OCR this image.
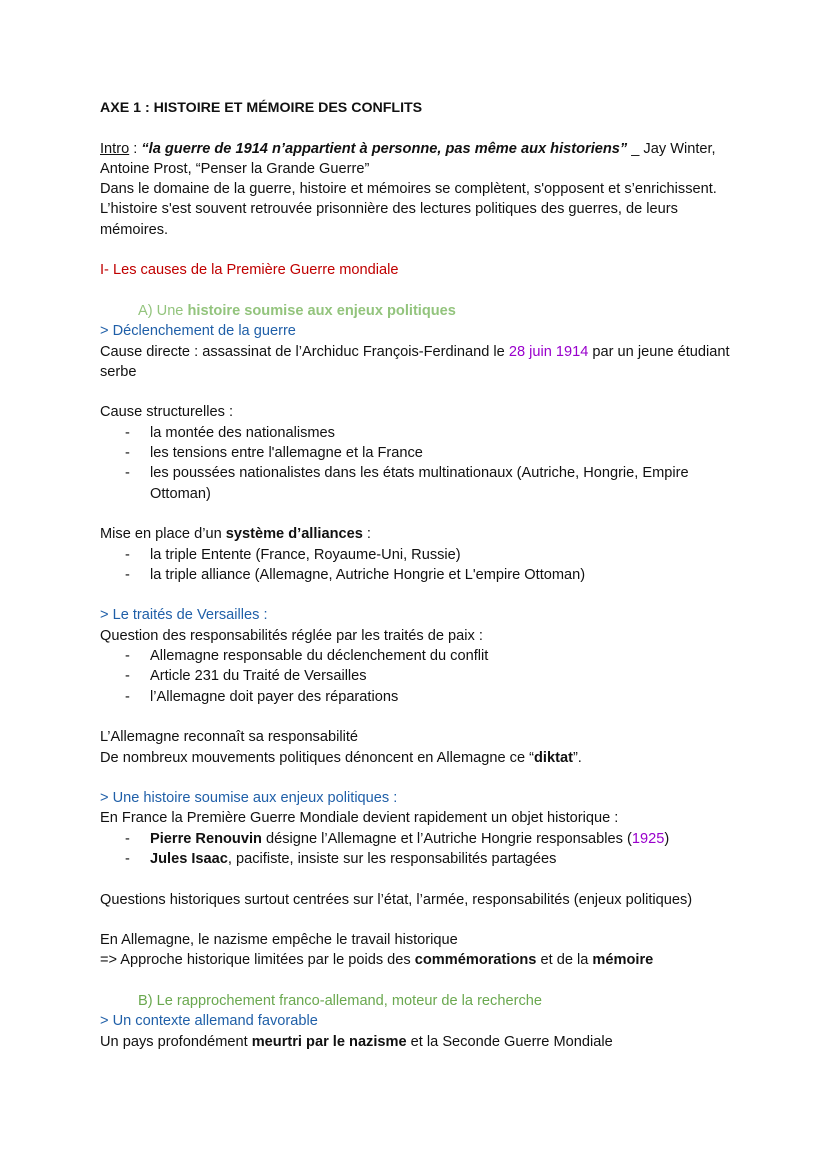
AXE 1 : HISTOIRE ET MÉMOIRE DES CONFLITS

Intro : “la guerre de 1914 n’appartient à personne, pas même aux historiens” _ Jay Winter, Antoine Prost, “Penser la Grande Guerre”

Dans le domaine de la guerre, histoire et mémoires se complètent, s'opposent et s’enrichissent.

L’histoire s'est souvent retrouvée prisonnière des lectures politiques des guerres, de leurs mémoires.

I- Les causes de la Première Guerre mondiale

A) Une histoire soumise aux enjeux politiques

> Déclenchement de la guerre

Cause directe : assassinat de l’Archiduc François-Ferdinand le 28 juin 1914 par un jeune étudiant serbe

Cause structurelles :

- la montée des nationalismes
- les tensions entre l'allemagne et la France
- les poussées nationalistes dans les états multinationaux (Autriche, Hongrie, Empire Ottoman)

Mise en place d’un système d’alliances :

- la triple Entente (France, Royaume-Uni, Russie)
- la triple alliance (Allemagne, Autriche Hongrie et L'empire Ottoman)

> Le traités de Versailles :

Question des responsabilités réglée par les traités de paix :

- Allemagne responsable du déclenchement du conflit
- Article 231 du Traité de Versailles
- l’Allemagne doit payer des réparations

L’Allemagne reconnaît sa responsabilité

De nombreux mouvements politiques dénoncent en Allemagne ce “diktat”.

> Une histoire soumise aux enjeux politiques :

En France la Première Guerre Mondiale devient rapidement un objet historique :

- Pierre Renouvin désigne l’Allemagne et l’Autriche Hongrie responsables (1925)
- Jules Isaac, pacifiste, insiste sur les responsabilités partagées

Questions historiques surtout centrées sur l’état, l’armée, responsabilités (enjeux politiques)

En Allemagne, le nazisme empêche le travail historique

=> Approche historique limitées par le poids des commémorations et de la mémoire

B) Le rapprochement franco-allemand, moteur de la recherche

> Un contexte allemand favorable

Un pays profondément meurtri par le nazisme et la Seconde Guerre Mondiale
